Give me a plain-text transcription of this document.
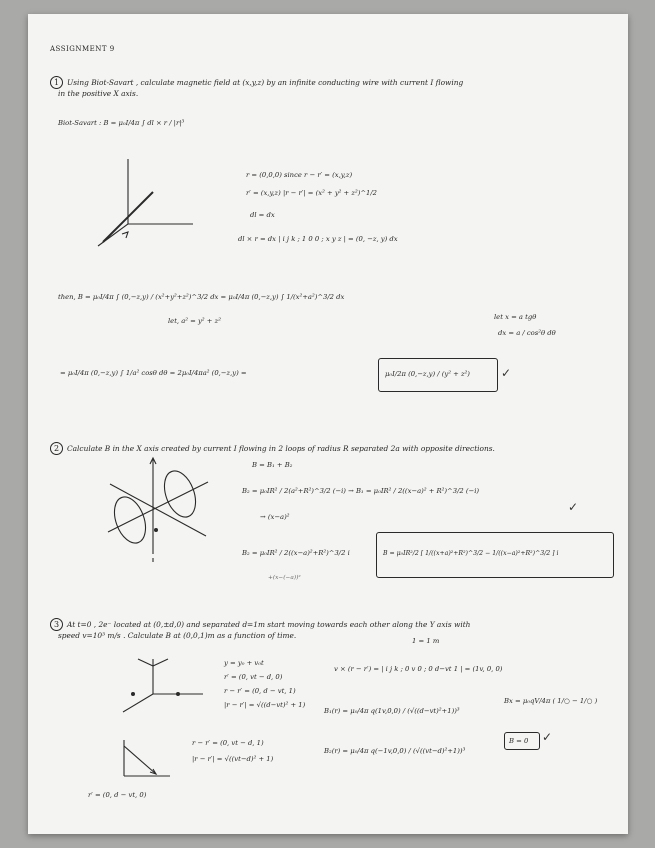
ASSIGNMENT 9
1 Using Biot-Savart , calculate magnetic field at (x,y,z) by an infinite conducting wire with current I flowing
in the positive X axis.
Biot-Savart : B = μ₀I/4π ∫ dl × r / |r|³
r = (0,0,0) since r − r′ = (x,y,z)
r′ = (x,y,z) |r − r′| = (x² + y² + z²)^1/2
dl = dx
dl × r = dx | i j k ; 1 0 0 ; x y z | = (0, −z, y) dx
then, B = μ₀I/4π ∫ (0,−z,y) / (x²+y²+z²)^3/2 dx = μ₀I/4π (0,−z,y) ∫ 1/(x²+a²)^3/2 dx
let, a² = y² + z²	let x = a tgθ
dx = a / cos²θ dθ
= μ₀I/4π (0,−z,y) ∫ 1/a² cosθ dθ = 2μ₀I/4πa² (0,−z,y) =	μ₀I/2π (0,−z,y) / (y² + z²)	✓
2 Calculate B in the X axis created by current I flowing in 2 loops of radius R separated 2a with opposite directions.
B = B₁ + B₂
B₂ = μ₀IR² / 2(a²+R²)^3/2 (−i) → B₁ = μ₀IR² / 2((x−a)² + R²)^3/2 (−i)
→ (x−a)²
✓
B₂ = μ₀IR² / 2((x−a)²+R²)^3/2 i
+(x−(−a))²
B = μ₀IR²/2 [ 1/((x+a)²+R²)^3/2 − 1/((x−a)²+R²)^3/2 ] i
3 At t=0 , 2e⁻ located at (0,±d,0) and separated d=1m start moving towards each other along the Y axis with
speed v=10³ m/s . Calculate B at (0,0,1)m as a function of time.
1 = 1 m
y = y₀ + v₀t
r′ = (0, vt − d, 0)
r − r′ = (0, d − vt, 1)
|r − r′| = √((d−vt)² + 1)
v × (r − r′) = | i j k ; 0 v 0 ; 0 d−vt 1 | = (1v, 0, 0)
B₁(r) = μ₀/4π q(1v,0,0) / (√((d−vt)²+1))³
Bx = μ₀qV/4π ( 1/○ − 1/○ )
r − r′ = (0, vt − d, 1)
|r − r′| = √((vt−d)² + 1)
B₂(r) = μ₀/4π q(−1v,0,0) / (√((vt−d)²+1))³
r′ = (0, d − vt, 0)
B = 0 ✓
